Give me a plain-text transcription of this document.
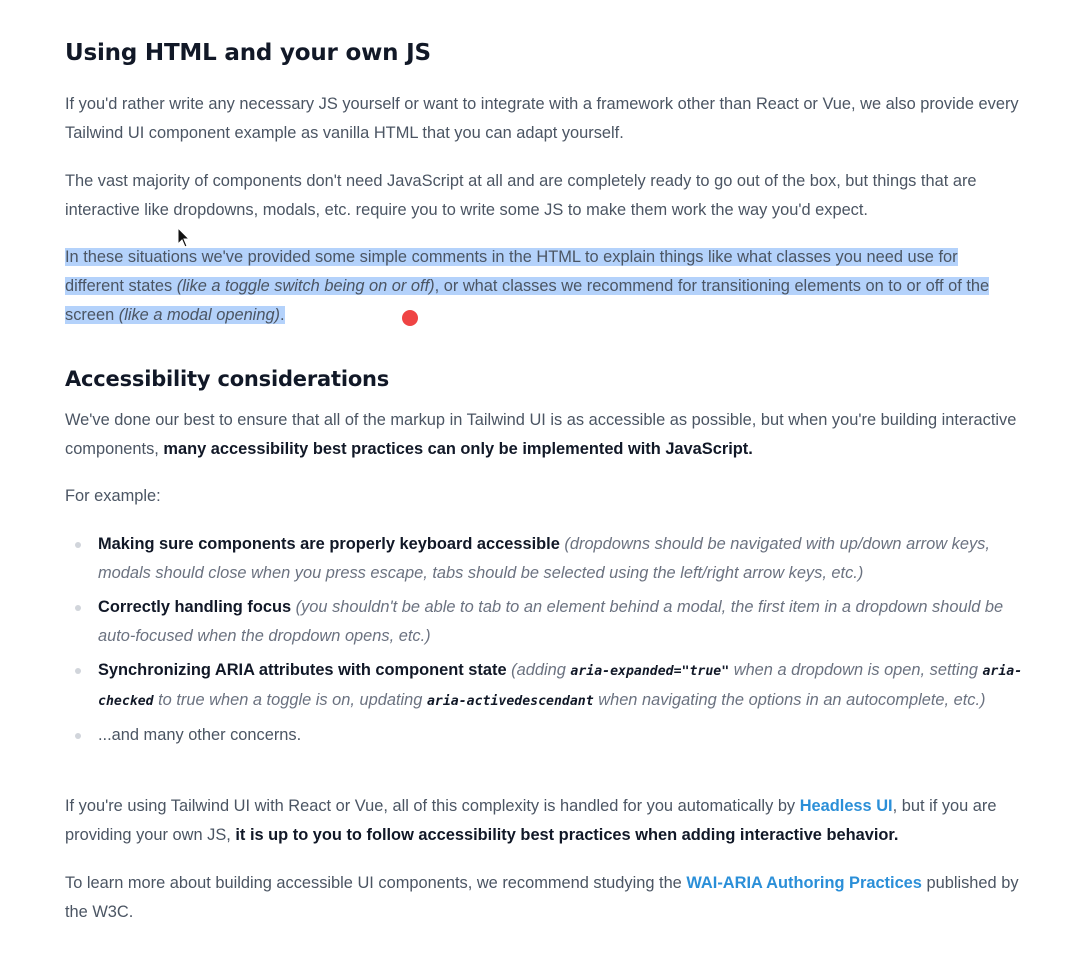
Using HTML and your own JS

If you'd rather write any necessary JS yourself or want to integrate with a framework other than React or Vue, we also provide every Tailwind UI component example as vanilla HTML that you can adapt yourself.

The vast majority of components don't need JavaScript at all and are completely ready to go out of the box, but things that are interactive like dropdowns, modals, etc. require you to write some JS to make them work the way you'd expect.

In these situations we've provided some simple comments in the HTML to explain things like what classes you need use for different states (like a toggle switch being on or off), or what classes we recommend for transitioning elements on to or off of the screen (like a modal opening).

Accessibility considerations

We've done our best to ensure that all of the markup in Tailwind UI is as accessible as possible, but when you're building interactive components, many accessibility best practices can only be implemented with JavaScript.

For example:

Making sure components are properly keyboard accessible (dropdowns should be navigated with up/down arrow keys, modals should close when you press escape, tabs should be selected using the left/right arrow keys, etc.)
Correctly handling focus (you shouldn't be able to tab to an element behind a modal, the first item in a dropdown should be auto-focused when the dropdown opens, etc.)
Synchronizing ARIA attributes with component state (adding aria-expanded="true" when a dropdown is open, setting aria-checked to true when a toggle is on, updating aria-activedescendant when navigating the options in an autocomplete, etc.)
...and many other concerns.

If you're using Tailwind UI with React or Vue, all of this complexity is handled for you automatically by Headless UI, but if you are providing your own JS, it is up to you to follow accessibility best practices when adding interactive behavior.

To learn more about building accessible UI components, we recommend studying the WAI-ARIA Authoring Practices published by the W3C.
